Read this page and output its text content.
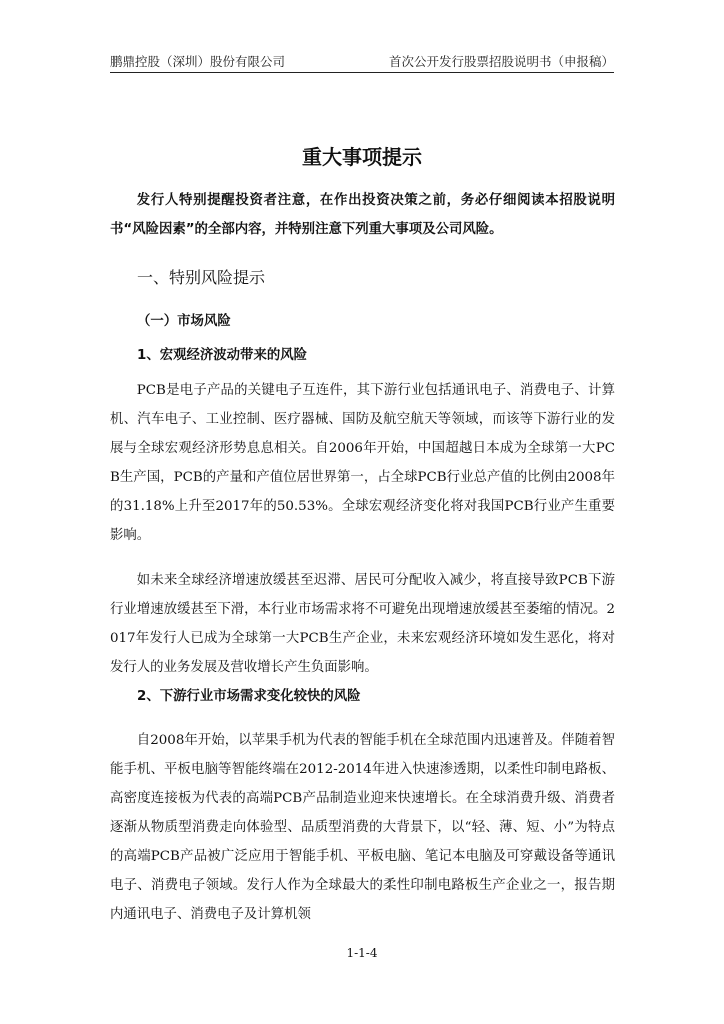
鹏鼎控股（深圳）股份有限公司	首次公开发行股票招股说明书（申报稿）
重大事项提示
发行人特别提醒投资者注意，在作出投资决策之前，务必仔细阅读本招股说明书“风险因素”的全部内容，并特别注意下列重大事项及公司风险。
一、特别风险提示
（一）市场风险
1、宏观经济波动带来的风险
PCB是电子产品的关键电子互连件，其下游行业包括通讯电子、消费电子、计算机、汽车电子、工业控制、医疗器械、国防及航空航天等领域，而该等下游行业的发展与全球宏观经济形势息息相关。自2006年开始，中国超越日本成为全球第一大PCB生产国，PCB的产量和产值位居世界第一，占全球PCB行业总产值的比例由2008年的31.18%上升至2017年的50.53%。全球宏观经济变化将对我国PCB行业产生重要影响。
如未来全球经济增速放缓甚至迟滞、居民可分配收入减少，将直接导致PCB下游行业增速放缓甚至下滑，本行业市场需求将不可避免出现增速放缓甚至萎缩的情况。2017年发行人已成为全球第一大PCB生产企业，未来宏观经济环境如发生恶化，将对发行人的业务发展及营收增长产生负面影响。
2、下游行业市场需求变化较快的风险
自2008年开始，以苹果手机为代表的智能手机在全球范围内迅速普及。伴随着智能手机、平板电脑等智能终端在2012-2014年进入快速渗透期，以柔性印制电路板、高密度连接板为代表的高端PCB产品制造业迎来快速增长。在全球消费升级、消费者逐渐从物质型消费走向体验型、品质型消费的大背景下，以“轻、薄、短、小”为特点的高端PCB产品被广泛应用于智能手机、平板电脑、笔记本电脑及可穿戴设备等通讯电子、消费电子领域。发行人作为全球最大的柔性印制电路板生产企业之一，报告期内通讯电子、消费电子及计算机领
1-1-4
